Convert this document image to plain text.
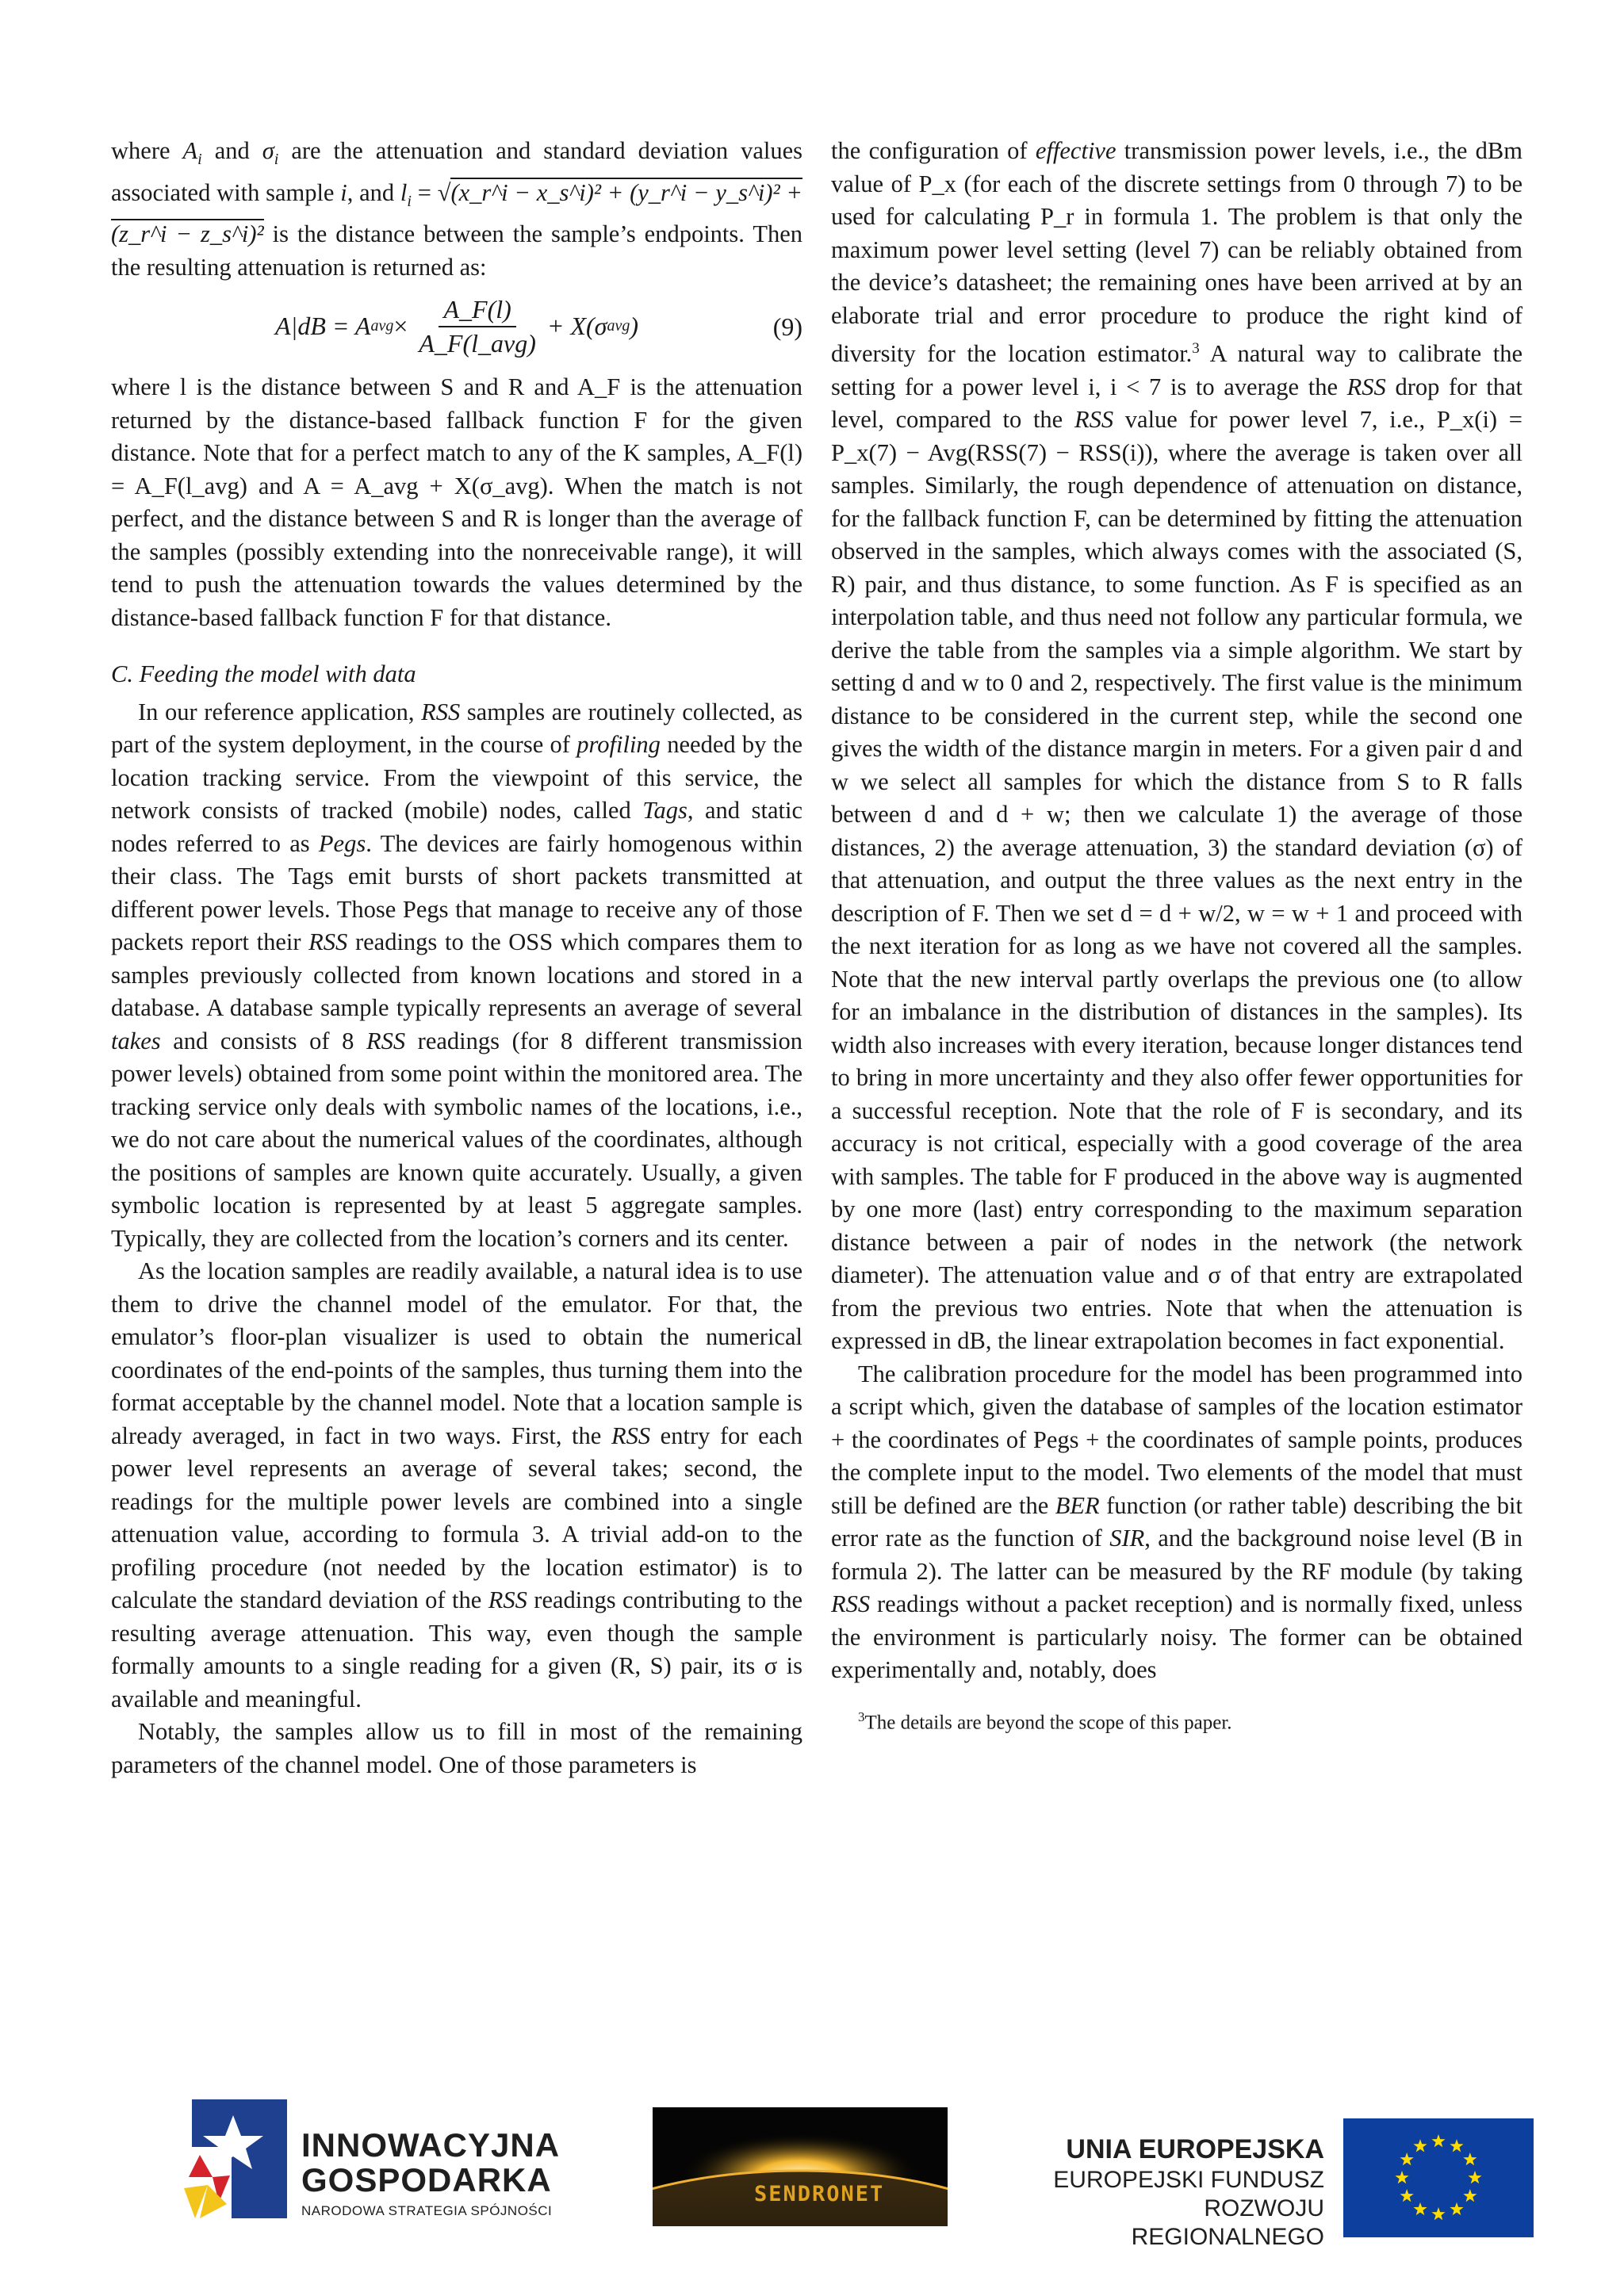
where $A_i$ and $\sigma_i$ are the attenuation and standard deviation values associated with sample i, and $l_i$ = √(x_r^i − x_s^i)² + (y_r^i − y_s^i)² + (z_r^i − z_s^i)² is the distance between the sample’s endpoints. Then the resulting attenuation is returned as:

A|dB = A avg × $\frac{A\_F(l)}{\text{A\_F(l\_avg)}} + X(\sigma$ avg )	(9)

where l is the distance between S and R and A_F is the attenuation returned by the distance-based fallback function F for the given distance. Note that for a perfect match to any of the K samples, A_F(l) = A_F(l_avg) and A = A_avg + X(σ_avg). When the match is not perfect, and the distance between S and R is longer than the average of the samples (possibly extending into the nonreceivable range), it will tend to push the attenuation towards the values determined by the distance-based fallback function F for that distance.

C. Feeding the model with data

In our reference application, RSS samples are routinely collected, as part of the system deployment, in the course of profiling needed by the location tracking service. From the viewpoint of this service, the network consists of tracked (mobile) nodes, called Tags, and static nodes referred to as Pegs. The devices are fairly homogenous within their class. The Tags emit bursts of short packets transmitted at different power levels. Those Pegs that manage to receive any of those packets report their RSS readings to the OSS which compares them to samples previously collected from known locations and stored in a database. A database sample typically represents an average of several takes and consists of 8 RSS readings (for 8 different transmission power levels) obtained from some point within the monitored area. The tracking service only deals with symbolic names of the locations, i.e., we do not care about the numerical values of the coordinates, although the positions of samples are known quite accurately. Usually, a given symbolic location is represented by at least 5 aggregate samples. Typically, they are collected from the location’s corners and its center.

As the location samples are readily available, a natural idea is to use them to drive the channel model of the emulator. For that, the emulator’s floor-plan visualizer is used to obtain the numerical coordinates of the end-points of the samples, thus turning them into the format acceptable by the channel model. Note that a location sample is already averaged, in fact in two ways. First, the RSS entry for each power level represents an average of several takes; second, the readings for the multiple power levels are combined into a single attenuation value, according to formula 3. A trivial add-on to the profiling procedure (not needed by the location estimator) is to calculate the standard deviation of the RSS readings contributing to the resulting average attenuation. This way, even though the sample formally amounts to a single reading for a given (R, S) pair, its σ is available and meaningful.

Notably, the samples allow us to fill in most of the remaining parameters of the channel model. One of those parameters is

the configuration of effective transmission power levels, i.e., the dBm value of P_x (for each of the discrete settings from 0 through 7) to be used for calculating P_r in formula 1. The problem is that only the maximum power level setting (level 7) can be reliably obtained from the device’s datasheet; the remaining ones have been arrived at by an elaborate trial and error procedure to produce the right kind of diversity for the location estimator.$^3$ A natural way to calibrate the setting for a power level i, i < 7 is to average the RSS drop for that level, compared to the RSS value for power level 7, i.e., P_x(i) = P_x(7) − Avg(RSS(7) − RSS(i)), where the average is taken over all samples. Similarly, the rough dependence of attenuation on distance, for the fallback function F, can be determined by fitting the attenuation observed in the samples, which always comes with the associated (S, R) pair, and thus distance, to some function. As F is specified as an interpolation table, and thus need not follow any particular formula, we derive the table from the samples via a simple algorithm. We start by setting d and w to 0 and 2, respectively. The first value is the minimum distance to be considered in the current step, while the second one gives the width of the distance margin in meters. For a given pair d and w we select all samples for which the distance from S to R falls between d and d + w; then we calculate 1) the average of those distances, 2) the average attenuation, 3) the standard deviation (σ) of that attenuation, and output the three values as the next entry in the description of F. Then we set d = d + w/2, w = w + 1 and proceed with the next iteration for as long as we have not covered all the samples. Note that the new interval partly overlaps the previous one (to allow for an imbalance in the distribution of distances in the samples). Its width also increases with every iteration, because longer distances tend to bring in more uncertainty and they also offer fewer opportunities for a successful reception. Note that the role of F is secondary, and its accuracy is not critical, especially with a good coverage of the area with samples. The table for F produced in the above way is augmented by one more (last) entry corresponding to the maximum separation distance between a pair of nodes in the network (the network diameter). The attenuation value and σ of that entry are extrapolated from the previous two entries. Note that when the attenuation is expressed in dB, the linear extrapolation becomes in fact exponential.

The calibration procedure for the model has been programmed into a script which, given the database of samples of the location estimator + the coordinates of Pegs + the coordinates of sample points, produces the complete input to the model. Two elements of the model that must still be defined are the BER function (or rather table) describing the bit error rate as the function of SIR, and the background noise level (B in formula 2). The latter can be measured by the RF module (by taking RSS readings without a packet reception) and is normally fixed, unless the environment is particularly noisy. The former can be obtained experimentally and, notably, does

$^3$The details are beyond the scope of this paper.

INNOWACYJNA
GOSPODARKA
NARODOWA STRATEGIA SPÓJNOŚCI
SENDRONET
UNIA EUROPEJSKA
EUROPEJSKI FUNDUSZ
ROZWOJU REGIONALNEGO
